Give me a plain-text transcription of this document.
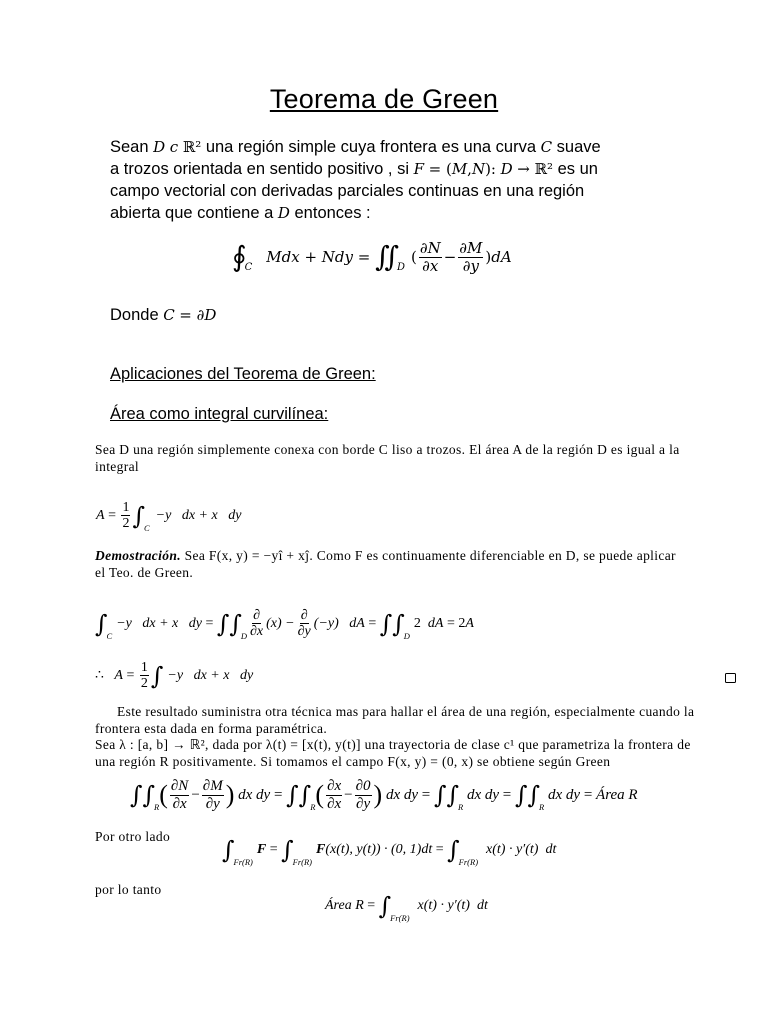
Teorema de Green
Sean D c ℝ² una región simple cuya frontera es una curva C suave
a trozos orientada en sentido positivo , si F = (M,N): D → ℝ² es un
campo vectorial con derivadas parciales continuas en una región
abierta que contiene a D entonces :
∮
C
Mdx + Ndy = ∬
D
( $\frac{\partial N}{\partial x} - \frac{\partial M}{\partial y} )dA$
Donde C = ∂D
Aplicaciones del Teorema de Green:
Área como integral curvilínea:
Sea D una región simplemente conexa con borde C liso a trozos. El área A de la región D es igual a la
integral
A
=
$\frac{1}{2}$ ∫ C
−y   dx + x   dy
Demostración. Sea F(x, y) = −yî + xĵ. Como F es continuamente diferenciable en D, se puede aplicar
el Teo. de Green.
∫ C
−y   dx + x   dy
=
∫∫ D $\frac{\partial}{\partial x} (x) - \frac{\partial}{\partial y} (-y)$   dA
=
∫∫ D
2 dA = 2 A
∴
A
=
$\frac{1}{2}$ ∫ −y   dx + x   dy
Este resultado suministra otra técnica mas para hallar el área de una región, especialmente cuando la
frontera esta dada en forma paramétrica.
Sea λ : [a, b] → ℝ², dada por λ(t) = [x(t), y(t)] una trayectoria de clase c¹ que parametriza la frontera de
una región R positivamente. Si tomamos el campo F(x, y) = (0, x) se obtiene según Green
∫∫ R ( $\frac{\partial N}{\partial x} - \frac{\partial M}{\partial y}$ ) dx dy =
∫∫ R ( $\frac{\partial x}{\partial x} - \frac{\partial 0}{\partial y}$ ) dx dy =
∫∫ R
dx dy =
∫∫ R
dx dy = Área R
Por otro lado ∫ Fr(R)
F
=
∫ Fr(R)
F(x(t), y(t)) · (0, 1)dt
=
∫ Fr(R)
x(t) · y′(t)  dt
por lo tanto
Área R
=
∫ Fr(R)
x(t) · y′(t)  dt
